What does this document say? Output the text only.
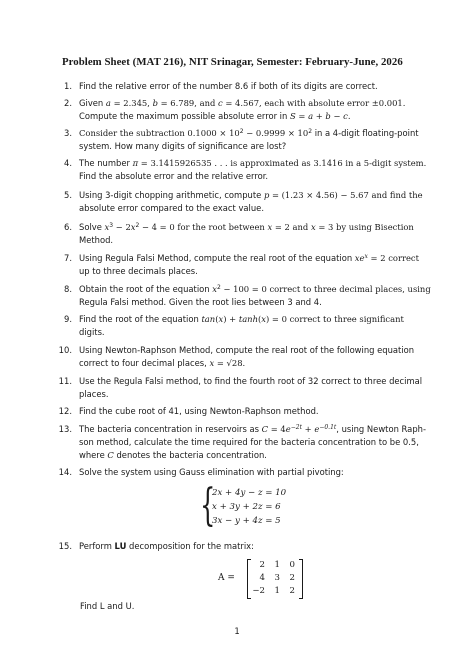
Problem Sheet (MAT 216), NIT Srinagar, Semester: February-June, 2026
1. Find the relative error of the number 8.6 if both of its digits are correct.
2. Given a = 2.345, b = 6.789, and c = 4.567, each with absolute error ±0.001.
Compute the maximum possible absolute error in S = a + b − c.
3. Consider the subtraction $0.1000 \times 10^2 - 0.9999 \times 10^2$ in a 4-digit floating-point
system. How many digits of significance are lost?
4. The number π = 3.1415926535 . . . is approximated as 3.1416 in a 5-digit system.
Find the absolute error and the relative error.
5. Using 3-digit chopping arithmetic, compute p = (1.23 × 4.56) − 5.67 and find the
absolute error compared to the exact value.
6. Solve $x^3 - 2x^2 - 4 = 0$ for the root between x = 2 and x = 3 by using Bisection
Method.
7. Using Regula Falsi Method, compute the real root of the equation $xe^x = 2$ correct
up to three decimals places.
8. Obtain the root of the equation $x^2 - 100 = 0$ correct to three decimal places, using
Regula Falsi method. Given the root lies between 3 and 4.
9. Find the root of the equation tan(x) + tanh(x) = 0 correct to three significant
digits.
10. Using Newton-Raphson Method, compute the real root of the following equation
correct to four decimal places, x = √28.
11. Use the Regula Falsi method, to find the fourth root of 32 correct to three decimal
places.
12. Find the cube root of 41, using Newton-Raphson method.
13. The bacteria concentration in reservoirs as $C = 4e^{-2t} + e^{-0.1t}$, using Newton Raph-
son method, calculate the time required for the bacteria concentration to be 0.5,
where C denotes the bacteria concentration.
14. Solve the system using Gauss elimination with partial pivoting:
15. Perform LU decomposition for the matrix:
{
2x + 4y − z = 10
x + 3y + 2z = 6
3x − y + 4z = 5
A =
2	1	0
4	3	2
−2	1	2
Find L and U.
1
